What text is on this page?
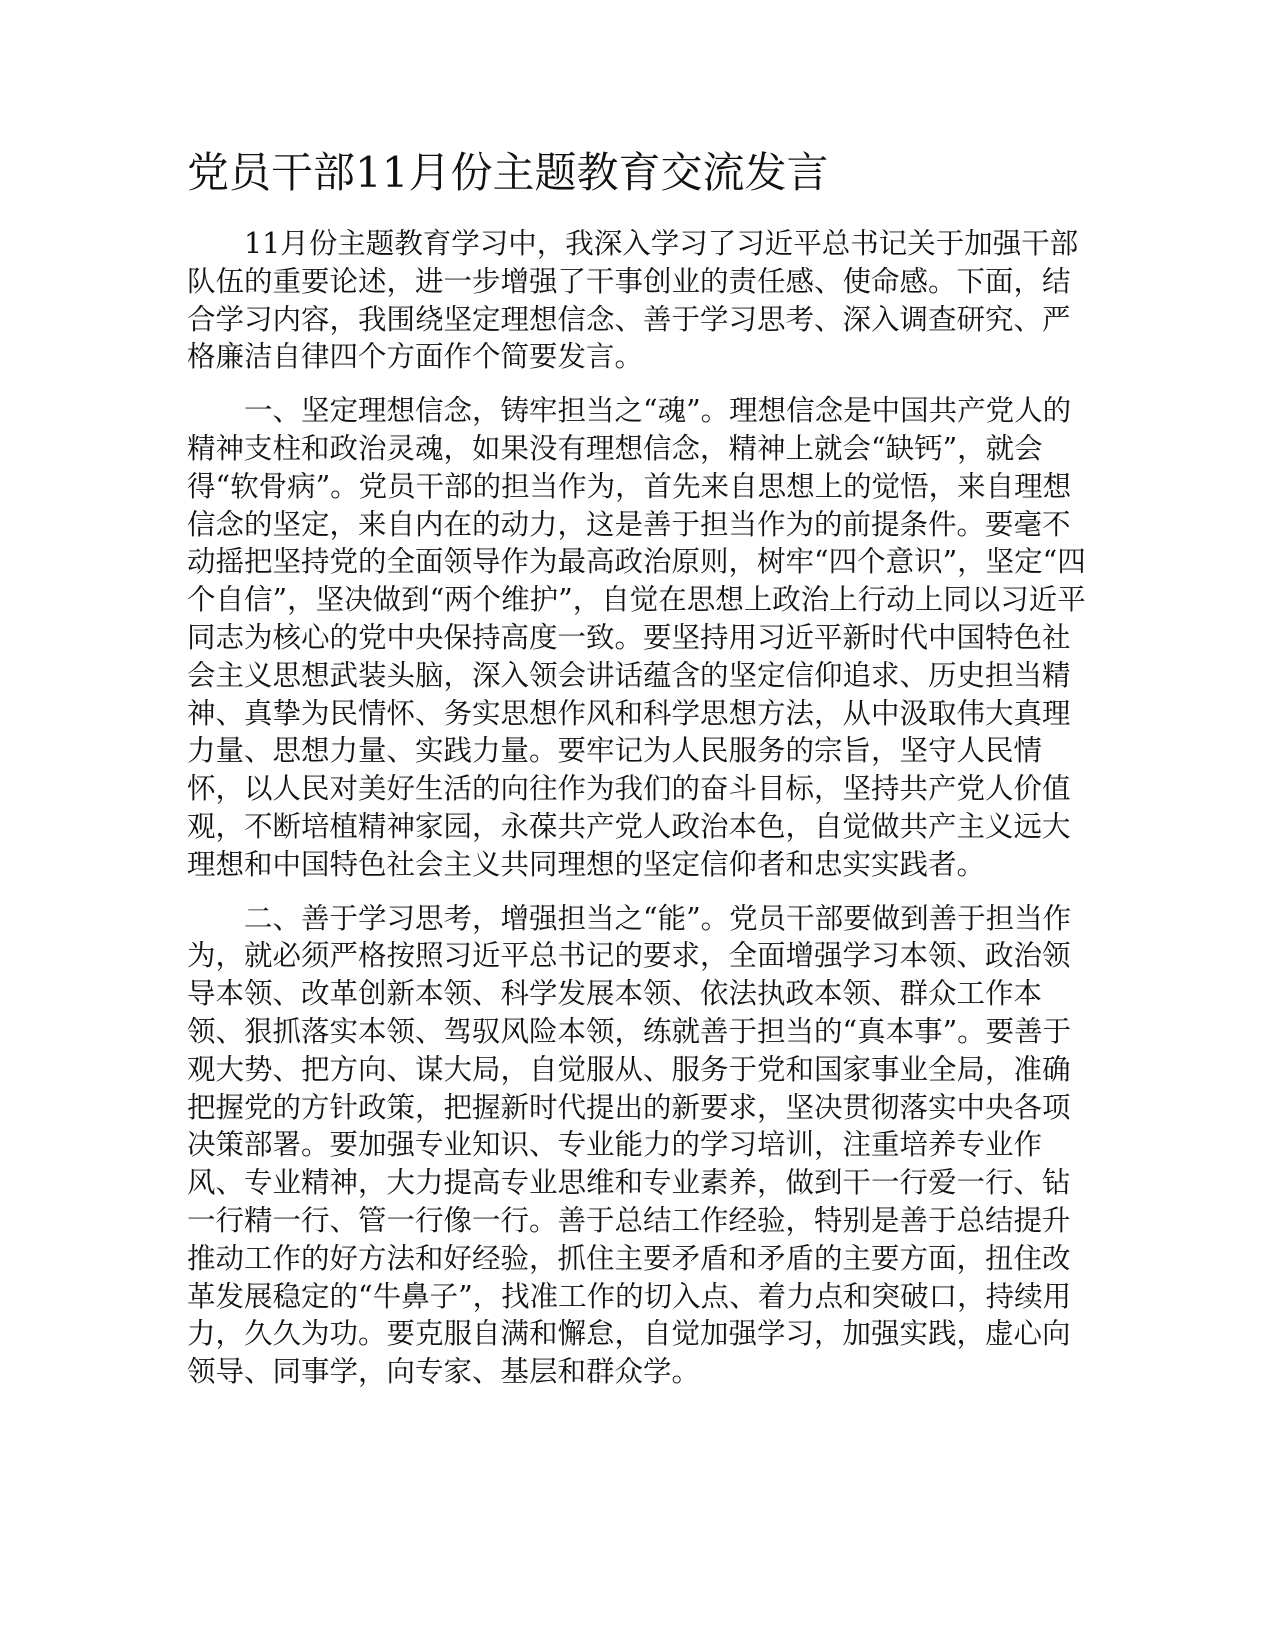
党员干部11月份主题教育交流发言

11月份主题教育学习中，我深入学习了习近平总书记关于加强干部队伍的重要论述，进一步增强了干事创业的责任感、使命感。下面，结合学习内容，我围绕坚定理想信念、善于学习思考、深入调查研究、严格廉洁自律四个方面作个简要发言。

一、坚定理想信念，铸牢担当之“魂”。理想信念是中国共产党人的精神支柱和政治灵魂，如果没有理想信念，精神上就会“缺钙”，就会得“软骨病”。党员干部的担当作为，首先来自思想上的觉悟，来自理想信念的坚定，来自内在的动力，这是善于担当作为的前提条件。要毫不动摇把坚持党的全面领导作为最高政治原则，树牢“四个意识”，坚定“四个自信”，坚决做到“两个维护”，自觉在思想上政治上行动上同以习近平同志为核心的党中央保持高度一致。要坚持用习近平新时代中国特色社会主义思想武装头脑，深入领会讲话蕴含的坚定信仰追求、历史担当精神、真挚为民情怀、务实思想作风和科学思想方法，从中汲取伟大真理力量、思想力量、实践力量。要牢记为人民服务的宗旨，坚守人民情怀，以人民对美好生活的向往作为我们的奋斗目标，坚持共产党人价值观，不断培植精神家园，永葆共产党人政治本色，自觉做共产主义远大理想和中国特色社会主义共同理想的坚定信仰者和忠实实践者。

二、善于学习思考，增强担当之“能”。党员干部要做到善于担当作为，就必须严格按照习近平总书记的要求，全面增强学习本领、政治领导本领、改革创新本领、科学发展本领、依法执政本领、群众工作本领、狠抓落实本领、驾驭风险本领，练就善于担当的“真本事”。要善于观大势、把方向、谋大局，自觉服从、服务于党和国家事业全局，准确把握党的方针政策，把握新时代提出的新要求，坚决贯彻落实中央各项决策部署。要加强专业知识、专业能力的学习培训，注重培养专业作风、专业精神，大力提高专业思维和专业素养，做到干一行爱一行、钻一行精一行、管一行像一行。善于总结工作经验，特别是善于总结提升推动工作的好方法和好经验，抓住主要矛盾和矛盾的主要方面，扭住改革发展稳定的“牛鼻子”，找准工作的切入点、着力点和突破口，持续用力，久久为功。要克服自满和懈怠，自觉加强学习，加强实践，虚心向领导、同事学，向专家、基层和群众学。
